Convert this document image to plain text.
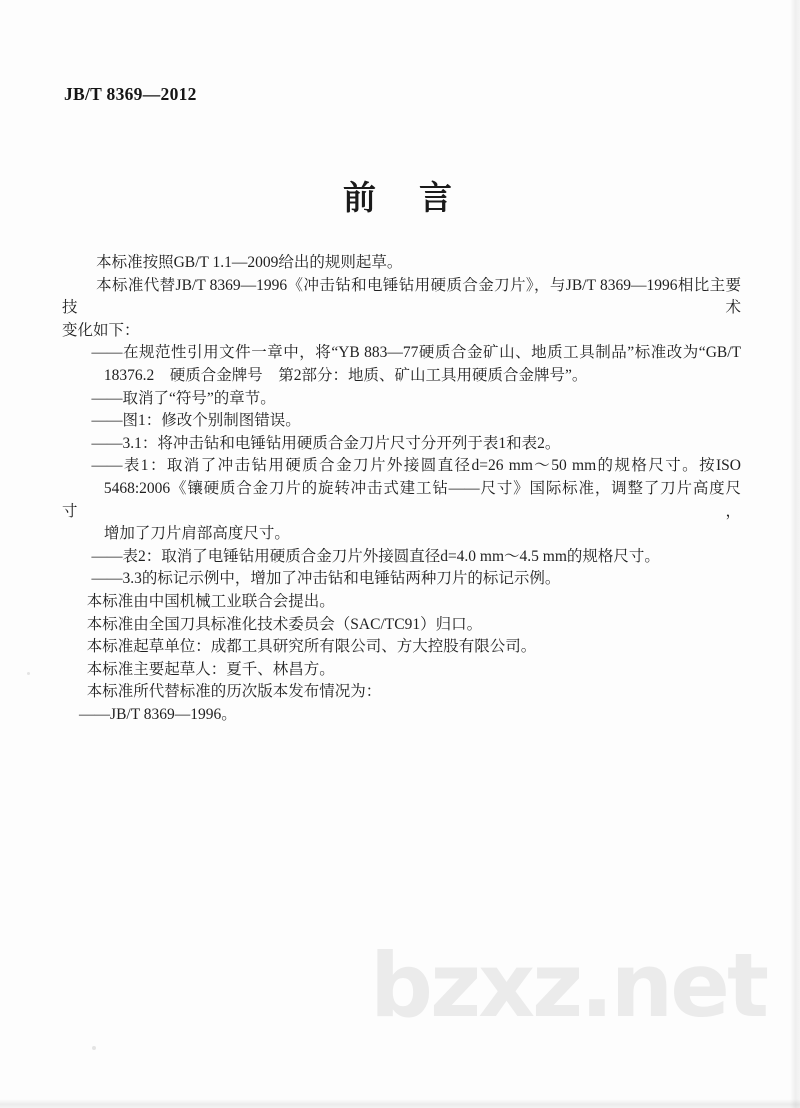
JB/T 8369—2012
前　言
本标准按照GB/T 1.1—2009给出的规则起草。
本标准代替JB/T 8369—1996《冲击钻和电锤钻用硬质合金刀片》，与JB/T 8369—1996相比主要技术
变化如下：
——在规范性引用文件一章中，将“YB 883—77硬质合金矿山、地质工具制品”标准改为“GB/T
18376.2　硬质合金牌号　第2部分：地质、矿山工具用硬质合金牌号”。
——取消了“符号”的章节。
——图1：修改个别制图错误。
——3.1：将冲击钻和电锤钻用硬质合金刀片尺寸分开列于表1和表2。
——表1：取消了冲击钻用硬质合金刀片外接圆直径d=26 mm～50 mm的规格尺寸。按ISO
5468:2006《镶硬质合金刀片的旋转冲击式建工钻——尺寸》国际标准，调整了刀片高度尺寸，
增加了刀片肩部高度尺寸。
——表2：取消了电锤钻用硬质合金刀片外接圆直径d=4.0 mm～4.5 mm的规格尺寸。
——3.3的标记示例中，增加了冲击钻和电锤钻两种刀片的标记示例。
本标准由中国机械工业联合会提出。
本标准由全国刀具标准化技术委员会（SAC/TC91）归口。
本标准起草单位：成都工具研究所有限公司、方大控股有限公司。
本标准主要起草人：夏千、林昌方。
本标准所代替标准的历次版本发布情况为：
——JB/T 8369—1996。
bzxz.net
